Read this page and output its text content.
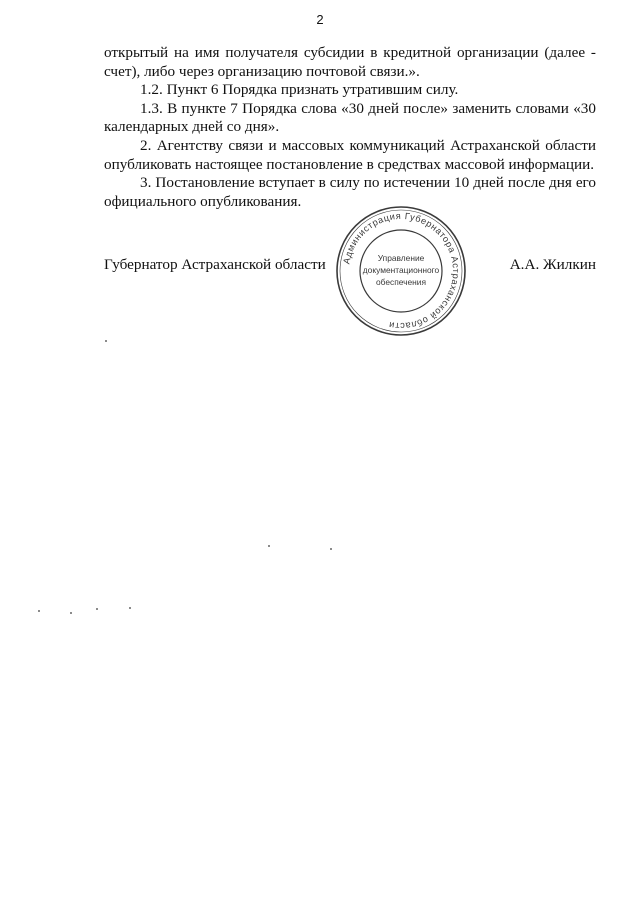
2

открытый на имя получателя субсидии в кредитной организации (далее -

счет), либо через организацию почтовой связи.».

1.2. Пункт 6 Порядка признать утратившим силу.

1.3. В пункте 7 Порядка слова «30 дней после» заменить словами «30 календарных дней со дня».

2. Агентству связи и массовых коммуникаций Астраханской области опубликовать настоящее постановление в средствах массовой информации.

3. Постановление вступает в силу по истечении 10 дней после дня его официального опубликования.

Губернатор Астраханской области	А.А. Жилкин
Администрация Губернатора Астраханской области
Управление
документационного
обеспечения
